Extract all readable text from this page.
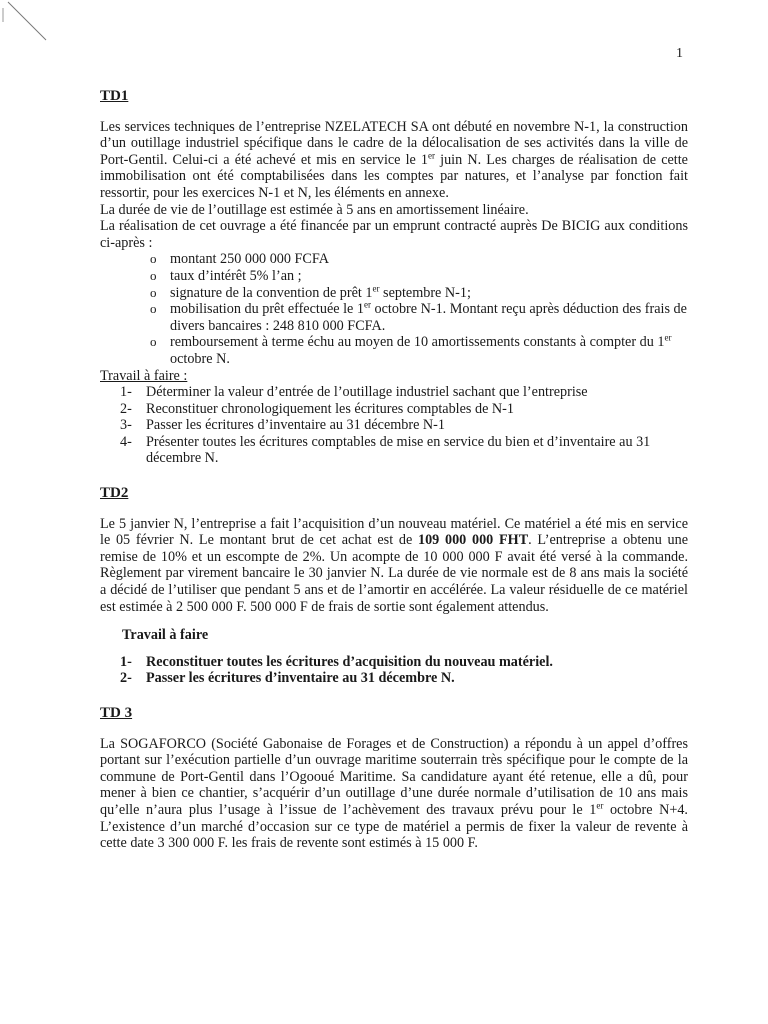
1
TD1

Les services techniques de l’entreprise NZELATECH SA ont débuté en novembre N-1, la construction d’un outillage industriel spécifique dans le cadre de la délocalisation de ses activités dans la ville de Port-Gentil. Celui-ci a été achevé et mis en service le 1er juin N. Les charges de réalisation de cette immobilisation ont été comptabilisées dans les comptes par natures, et l’analyse par fonction fait ressortir, pour les exercices N-1 et N, les éléments en annexe.

La durée de vie de l’outillage est estimée à 5 ans en amortissement linéaire.

La réalisation de cet ouvrage a été financée par un emprunt contracté auprès De BICIG aux conditions ci-après :

o montant 250 000 000 FCFA
o taux d’intérêt 5% l’an ;
o signature de la convention de prêt 1er septembre N-1;
o mobilisation du prêt effectuée le 1er octobre N-1. Montant reçu après déduction des frais de divers bancaires : 248 810 000 FCFA.
o remboursement à terme échu au moyen de 10 amortissements constants à compter du 1er octobre N.
Travail à faire :
1- Déterminer la valeur d’entrée de l’outillage industriel sachant que l’entreprise
2- Reconstituer chronologiquement les écritures comptables de N-1
3- Passer les écritures d’inventaire au 31 décembre N-1
4- Présenter toutes les écritures comptables de mise en service du bien et d’inventaire au 31 décembre N.
TD2

Le 5 janvier N, l’entreprise a fait l’acquisition d’un nouveau matériel. Ce matériel a été mis en service le 05 février N. Le montant brut de cet achat est de 109 000 000 FHT. L’entreprise a obtenu une remise de 10% et un escompte de 2%. Un acompte de 10 000 000 F avait été versé à la commande. Règlement par virement bancaire le 30 janvier N. La durée de vie normale est de 8 ans mais la société a décidé de l’utiliser que pendant 5 ans et de l’amortir en accélérée. La valeur résiduelle de ce matériel est estimée à 2 500 000 F. 500 000 F de frais de sortie sont également attendus.

Travail à faire
1- Reconstituer toutes les écritures d’acquisition du nouveau matériel.
2- Passer les écritures d’inventaire au 31 décembre N.
TD 3

La SOGAFORCO (Société Gabonaise de Forages et de Construction) a répondu à un appel d’offres portant sur l’exécution partielle d’un ouvrage maritime souterrain très spécifique pour le compte de la commune de Port-Gentil dans l’Ogooué Maritime. Sa candidature ayant été retenue, elle a dû, pour mener à bien ce chantier, s’acquérir d’un outillage d’une durée normale d’utilisation de 10 ans mais qu’elle n’aura plus l’usage à l’issue de l’achèvement des travaux prévu pour le 1er octobre N+4. L’existence d’un marché d’occasion sur ce type de matériel a permis de fixer la valeur de revente à cette date 3 300 000 F. les frais de revente sont estimés à 15 000 F.
